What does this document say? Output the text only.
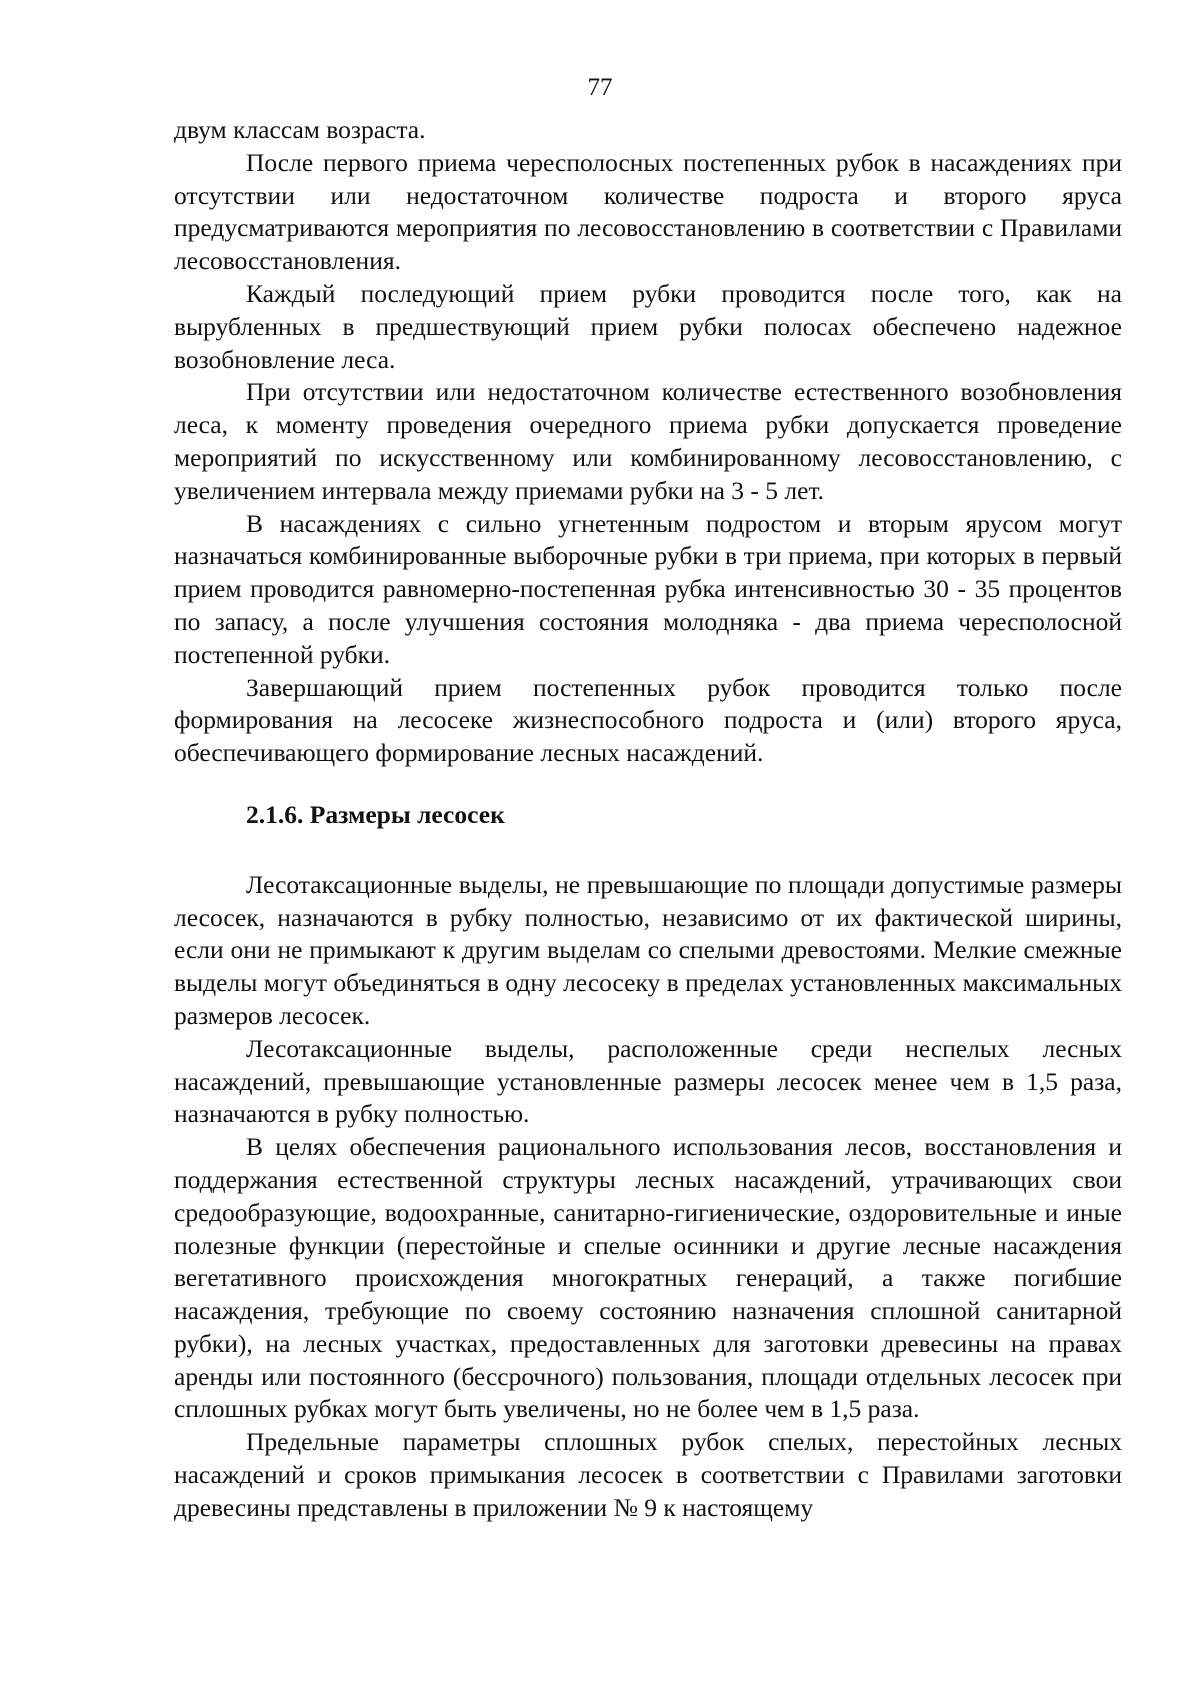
77

двум классам возраста.

После первого приема чересполосных постепенных рубок в насаждениях при отсутствии или недостаточном количестве подроста и второго яруса предусматриваются мероприятия по лесовосстановлению в соответствии с Правилами лесовосстановления.

Каждый последующий прием рубки проводится после того, как на вырубленных в предшествующий прием рубки полосах обеспечено надежное возобновление леса.

При отсутствии или недостаточном количестве естественного возобновления леса, к моменту проведения очередного приема рубки допускается проведение мероприятий по искусственному или комбинированному лесовосстановлению, с увеличением интервала между приемами рубки на 3 - 5 лет.

В насаждениях с сильно угнетенным подростом и вторым ярусом могут назначаться комбинированные выборочные рубки в три приема, при которых в первый прием проводится равномерно-постепенная рубка интенсивностью 30 - 35 процентов по запасу, а после улучшения состояния молодняка - два приема чересполосной постепенной рубки.

Завершающий прием постепенных рубок проводится только после формирования на лесосеке жизнеспособного подроста и (или) второго яруса, обеспечивающего формирование лесных насаждений.

2.1.6. Размеры лесосек

Лесотаксационные выделы, не превышающие по площади допустимые размеры лесосек, назначаются в рубку полностью, независимо от их фактической ширины, если они не примыкают к другим выделам со спелыми древостоями. Мелкие смежные выделы могут объединяться в одну лесосеку в пределах установленных максимальных размеров лесосек.

Лесотаксационные выделы, расположенные среди неспелых лесных насаждений, превышающие установленные размеры лесосек менее чем в 1,5 раза, назначаются в рубку полностью.

В целях обеспечения рационального использования лесов, восстановления и поддержания естественной структуры лесных насаждений, утрачивающих свои средообразующие, водоохранные, санитарно-гигиенические, оздоровительные и иные полезные функции (перестойные и спелые осинники и другие лесные насаждения вегетативного происхождения многократных генераций, а также погибшие насаждения, требующие по своему состоянию назначения сплошной санитарной рубки), на лесных участках, предоставленных для заготовки древесины на правах аренды или постоянного (бессрочного) пользования, площади отдельных лесосек при сплошных рубках могут быть увеличены, но не более чем в 1,5 раза.

Предельные параметры сплошных рубок спелых, перестойных лесных насаждений и сроков примыкания лесосек в соответствии с Правилами заготовки древесины представлены в приложении № 9 к настоящему
